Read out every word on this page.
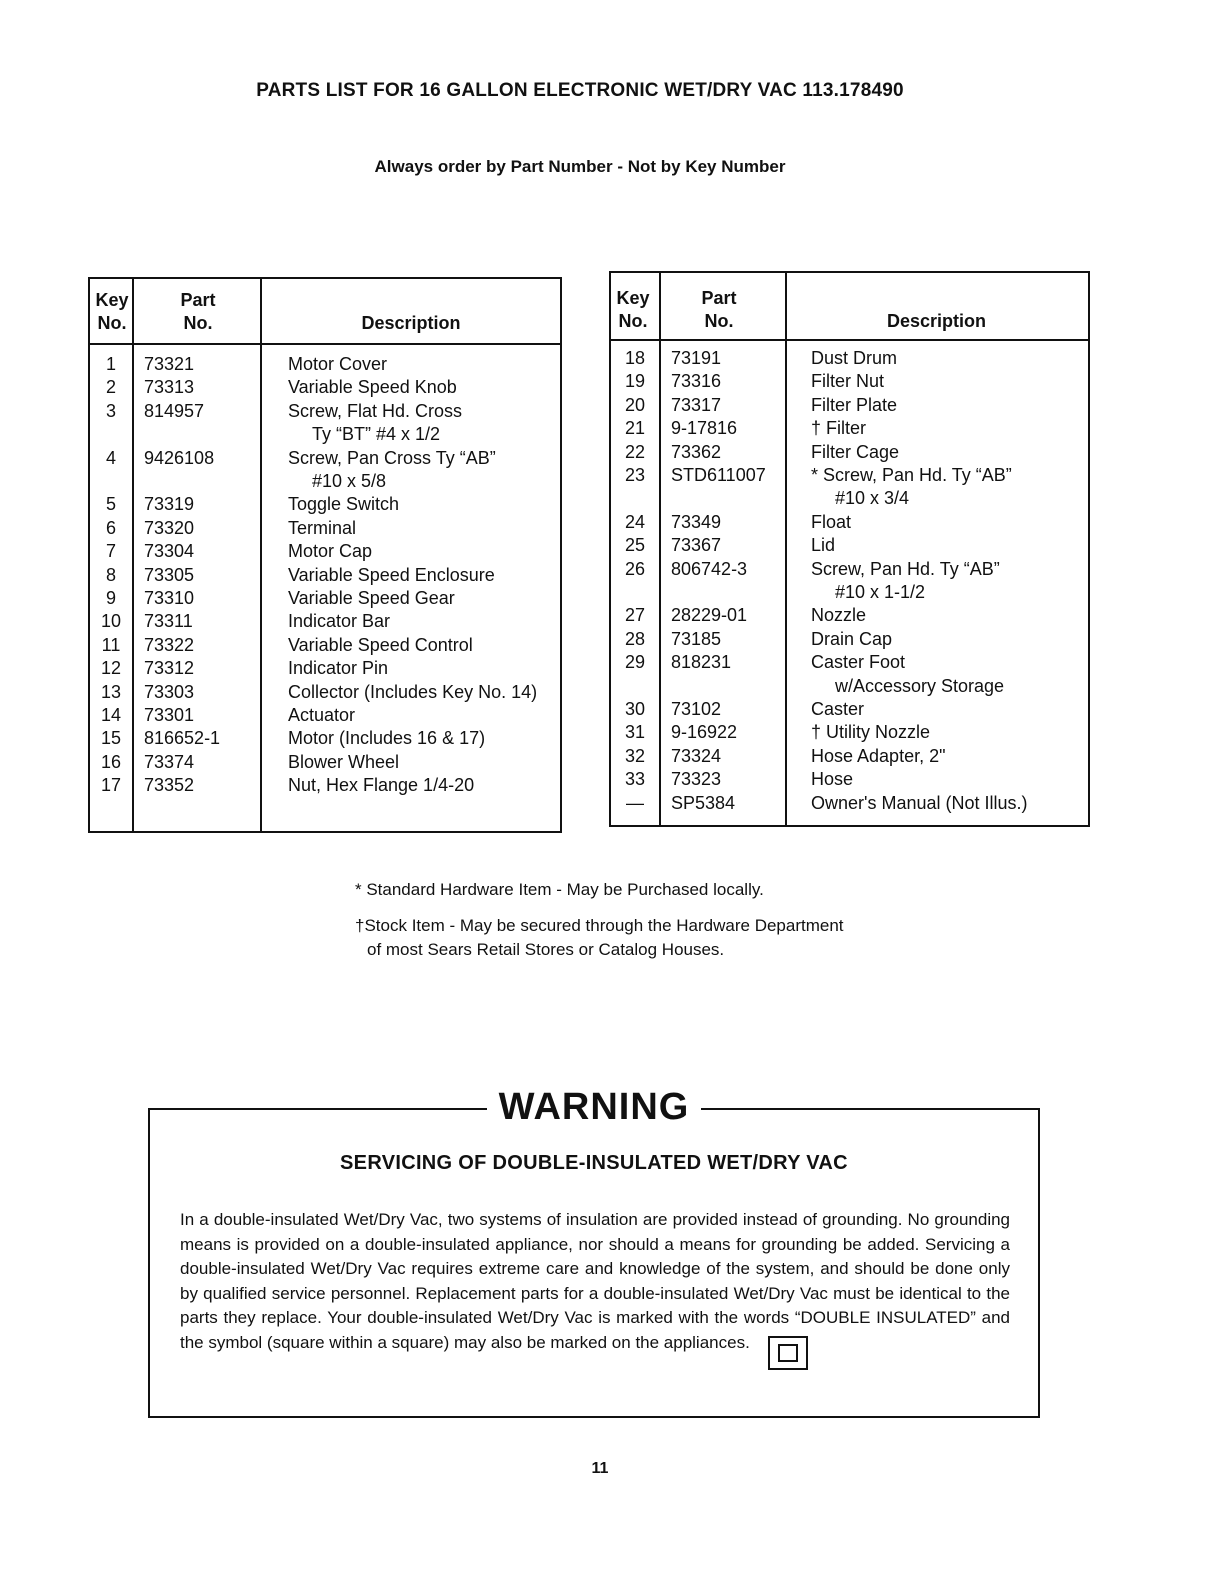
PARTS LIST FOR 16 GALLON ELECTRONIC WET/DRY VAC 113.178490
Always order by Part Number - Not by Key Number
Key
No.
Part
No.	Description
1	73321	Motor Cover
2	73313	Variable Speed Knob
3	814957	Screw, Flat Hd. Cross
Ty “BT” #4 x 1/2
4	9426108	Screw, Pan Cross Ty “AB”
#10 x 5/8
5	73319	Toggle Switch
6	73320	Terminal
7	73304	Motor Cap
8	73305	Variable Speed Enclosure
9	73310	Variable Speed Gear
10	73311	Indicator Bar
11	73322	Variable Speed Control
12	73312	Indicator Pin
13	73303	Collector (Includes Key No. 14)
14	73301	Actuator
15	816652-1	Motor (Includes 16 & 17)
16	73374	Blower Wheel
17	73352	Nut, Hex Flange 1/4-20
Key
No.
Part
No.	Description
18	73191	Dust Drum
19	73316	Filter Nut
20	73317	Filter Plate
21	9-17816	† Filter
22	73362	Filter Cage
23	STD611007	* Screw, Pan Hd. Ty “AB”
#10 x 3/4
24	73349	Float
25	73367	Lid
26	806742-3	Screw, Pan Hd. Ty “AB”
#10 x 1-1/2
27	28229-01	Nozzle
28	73185	Drain Cap
29	818231	Caster Foot
w/Accessory Storage
30	73102	Caster
31	9-16922	† Utility Nozzle
32	73324	Hose Adapter, 2"
33	73323	Hose
—	SP5384	Owner's Manual (Not Illus.)

* Standard Hardware Item - May be Purchased locally.

†Stock Item - May be secured through the Hardware Department of most Sears Retail Stores or Catalog Houses.

WARNING
SERVICING OF DOUBLE-INSULATED WET/DRY VAC
In a double-insulated Wet/Dry Vac, two systems of insulation are provided instead of grounding. No grounding means is provided on a double-insulated appliance, nor should a means for grounding be added. Servicing a double-insulated Wet/Dry Vac requires extreme care and knowledge of the system, and should be done only by qualified service personnel. Replacement parts for a double-insulated Wet/Dry Vac must be identical to the parts they replace. Your double-insulated Wet/Dry Vac is marked with the words “DOUBLE INSULATED” and the symbol (square within a square) may also be marked on the appliances.
11
